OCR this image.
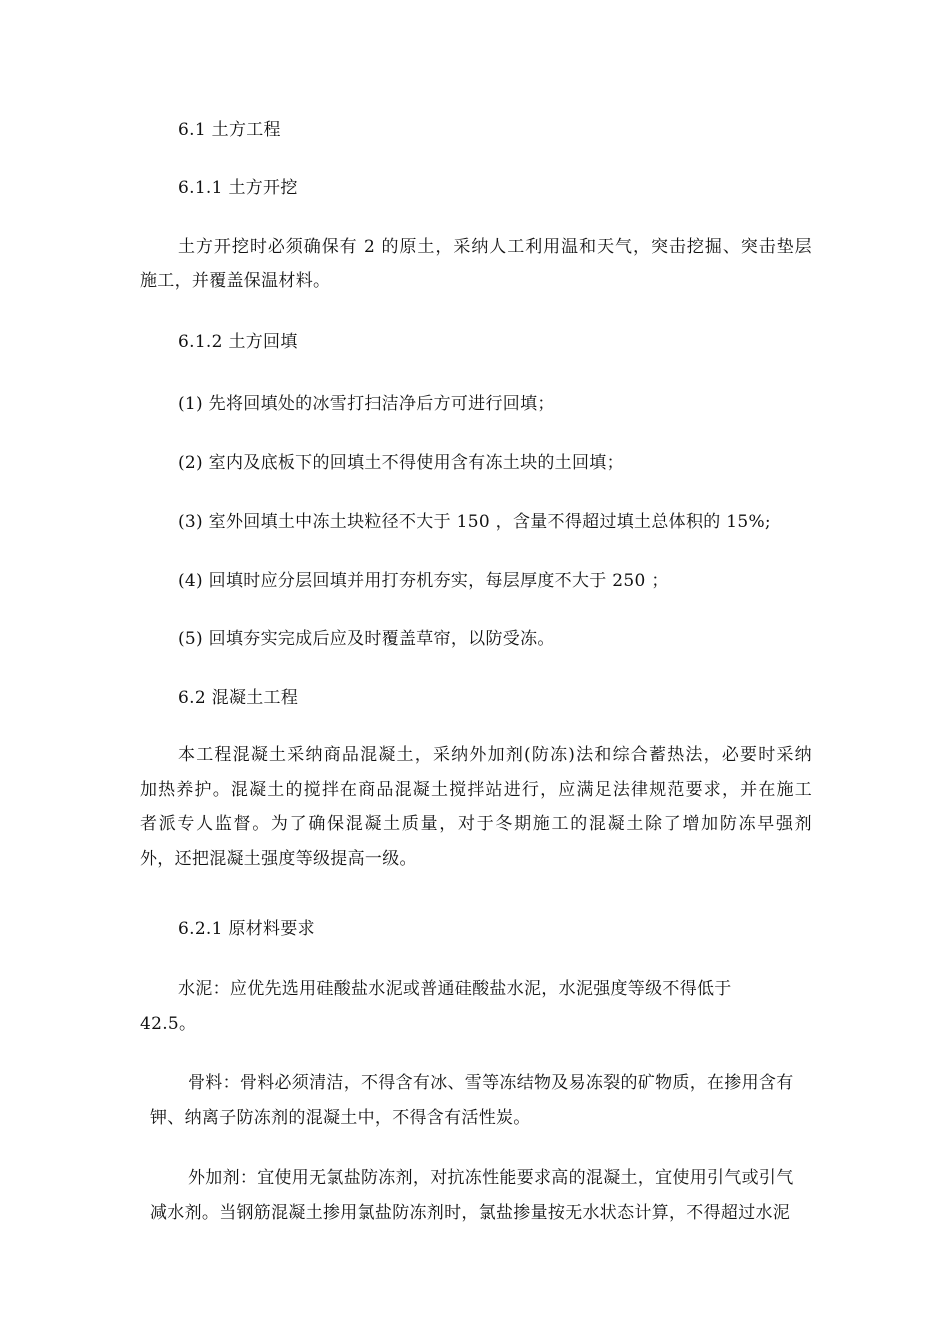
6.1 土方工程
6.1.1 土方开挖
土方开挖时必须确保有 2 的原土，采纳人工利用温和天气，突击挖掘、突击垫层
施工，并覆盖保温材料。
6.1.2 土方回填
(1) 先将回填处的冰雪打扫洁净后方可进行回填；
(2) 室内及底板下的回填土不得使用含有冻土块的土回填；
(3) 室外回填土中冻土块粒径不大于 150 ，含量不得超过填土总体积的 15%;
(4) 回填时应分层回填并用打夯机夯实，每层厚度不大于 250 ；
(5) 回填夯实完成后应及时覆盖草帘，以防受冻。
6.2 混凝土工程
本工程混凝土采纳商品混凝土，采纳外加剂(防冻)法和综合蓄热法，必要时采纳
加热养护。混凝土的搅拌在商品混凝土搅拌站进行，应满足法律规范要求，并在施工
者派专人监督。为了确保混凝土质量，对于冬期施工的混凝土除了增加防冻早强剂
外，还把混凝土强度等级提高一级。
6.2.1 原材料要求
水泥：应优先选用硅酸盐水泥或普通硅酸盐水泥，水泥强度等级不得低于
42.5。
骨料：骨料必须清洁，不得含有冰、雪等冻结物及易冻裂的矿物质，在掺用含有
钾、纳离子防冻剂的混凝土中，不得含有活性炭。
外加剂：宜使用无氯盐防冻剂，对抗冻性能要求高的混凝土，宜使用引气或引气
减水剂。当钢筋混凝土掺用氯盐防冻剂时，氯盐掺量按无水状态计算，不得超过水泥
